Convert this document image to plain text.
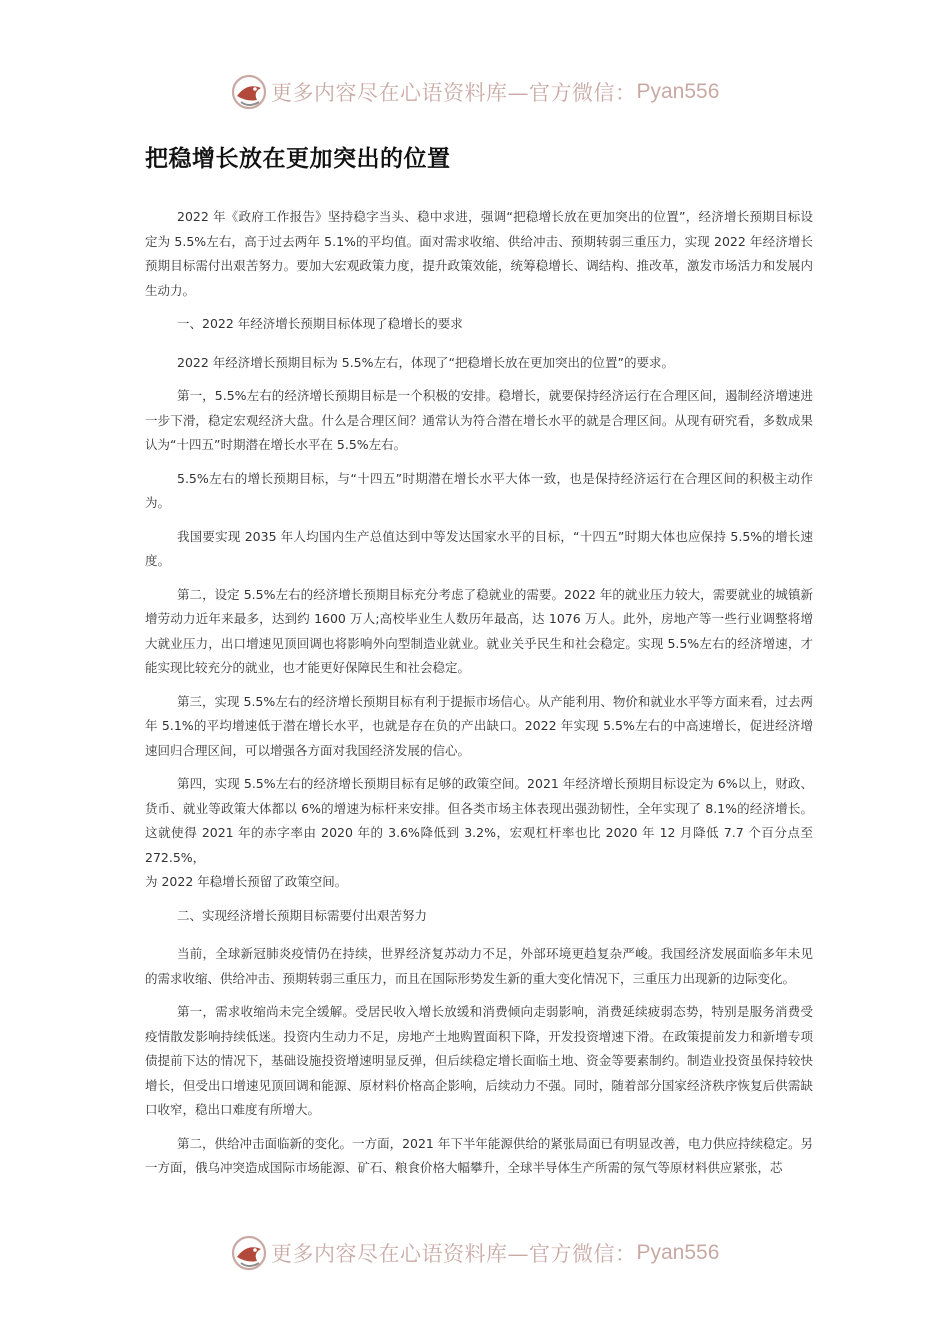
更多内容尽在心语资料库—官方微信： Pyan556
把稳增长放在更加突出的位置

2022 年《政府工作报告》坚持稳字当头、稳中求进，强调“把稳增长放在更加突出的位置”，经济增长预期目标设定为 5.5%左右，高于过去两年 5.1%的平均值。面对需求收缩、供给冲击、预期转弱三重压力，实现 2022 年经济增长预期目标需付出艰苦努力。要加大宏观政策力度，提升政策效能，统筹稳增长、调结构、推改革，激发市场活力和发展内生动力。

一、2022 年经济增长预期目标体现了稳增长的要求

2022 年经济增长预期目标为 5.5%左右，体现了“把稳增长放在更加突出的位置”的要求。

第一，5.5%左右的经济增长预期目标是一个积极的安排。稳增长，就要保持经济运行在合理区间，遏制经济增速进一步下滑，稳定宏观经济大盘。什么是合理区间？通常认为符合潜在增长水平的就是合理区间。从现有研究看，多数成果认为“十四五”时期潜在增长水平在 5.5%左右。

5.5%左右的增长预期目标，与“十四五”时期潜在增长水平大体一致，也是保持经济运行在合理区间的积极主动作为。

我国要实现 2035 年人均国内生产总值达到中等发达国家水平的目标，“十四五”时期大体也应保持 5.5%的增长速度。

第二，设定 5.5%左右的经济增长预期目标充分考虑了稳就业的需要。2022 年的就业压力较大，需要就业的城镇新增劳动力近年来最多，达到约 1600 万人;高校毕业生人数历年最高，达 1076 万人。此外，房地产等一些行业调整将增大就业压力，出口增速见顶回调也将影响外向型制造业就业。就业关乎民生和社会稳定。实现 5.5%左右的经济增速，才能实现比较充分的就业，也才能更好保障民生和社会稳定。

第三，实现 5.5%左右的经济增长预期目标有利于提振市场信心。从产能利用、物价和就业水平等方面来看，过去两年 5.1%的平均增速低于潜在增长水平，也就是存在负的产出缺口。2022 年实现 5.5%左右的中高速增长，促进经济增速回归合理区间，可以增强各方面对我国经济发展的信心。

第四，实现 5.5%左右的经济增长预期目标有足够的政策空间。2021 年经济增长预期目标设定为 6%以上，财政、货币、就业等政策大体都以 6%的增速为标杆来安排。但各类市场主体表现出强劲韧性，全年实现了 8.1%的经济增长。这就使得 2021 年的赤字率由 2020 年的 3.6%降低到 3.2%，宏观杠杆率也比 2020 年 12 月降低 7.7 个百分点至 272.5%，
为 2022 年稳增长预留了政策空间。

二、实现经济增长预期目标需要付出艰苦努力

当前，全球新冠肺炎疫情仍在持续，世界经济复苏动力不足，外部环境更趋复杂严峻。我国经济发展面临多年未见的需求收缩、供给冲击、预期转弱三重压力，而且在国际形势发生新的重大变化情况下，三重压力出现新的边际变化。

第一，需求收缩尚未完全缓解。受居民收入增长放缓和消费倾向走弱影响，消费延续疲弱态势，特别是服务消费受疫情散发影响持续低迷。投资内生动力不足，房地产土地购置面积下降，开发投资增速下滑。在政策提前发力和新增专项债提前下达的情况下，基础设施投资增速明显反弹，但后续稳定增长面临土地、资金等要素制约。制造业投资虽保持较快增长，但受出口增速见顶回调和能源、原材料价格高企影响，后续动力不强。同时，随着部分国家经济秩序恢复后供需缺口收窄，稳出口难度有所增大。

第二，供给冲击面临新的变化。一方面，2021 年下半年能源供给的紧张局面已有明显改善，电力供应持续稳定。另一方面，俄乌冲突造成国际市场能源、矿石、粮食价格大幅攀升，全球半导体生产所需的氖气等原材料供应紧张，芯

更多内容尽在心语资料库—官方微信： Pyan556
